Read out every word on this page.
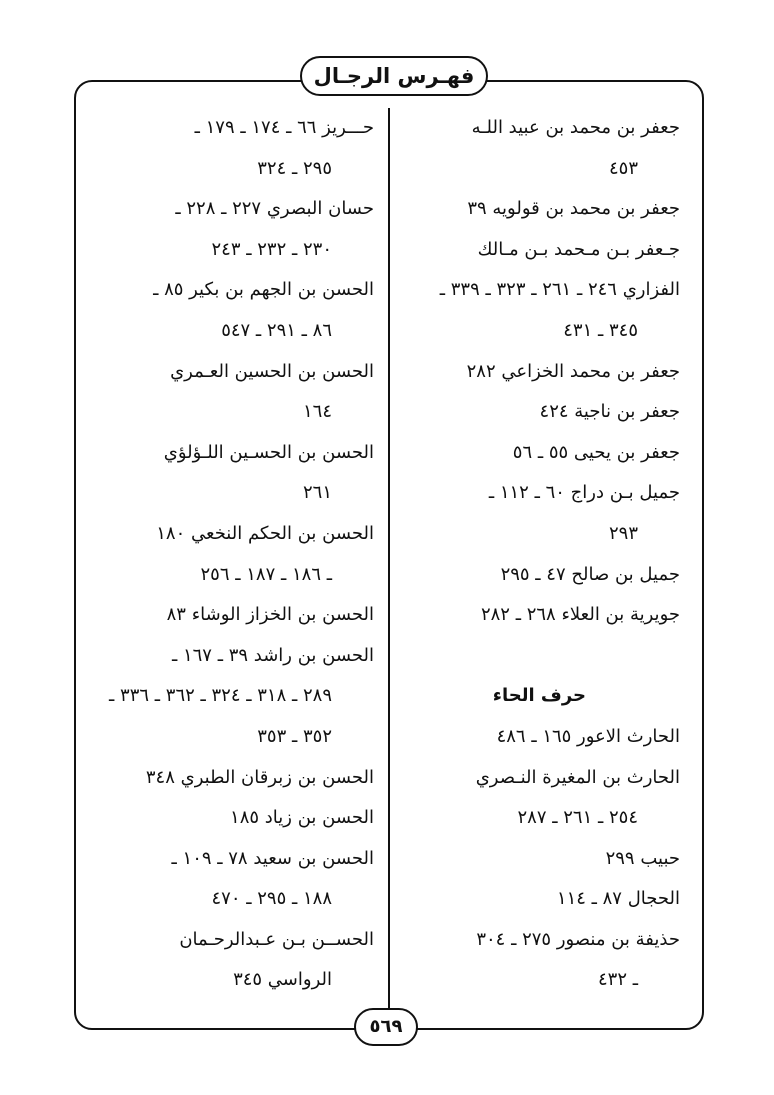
فهـرس الرجـال
جعفر بن محمد بن عبيد اللـه
٤٥٣
جعفر بن محمد بن قولويه ٣٩
جـعفر بـن مـحمد بـن مـالك
الفزاري ٢٤٦ ـ ٢٦١ ـ ٣٢٣ ـ ٣٣٩ ـ
٣٤٥ ـ ٤٣١
جعفر بن محمد الخزاعي ٢٨٢
جعفر بن ناجية ٤٢٤
جعفر بن يحيى ٥٥ ـ ٥٦
جميل بـن دراج ٦٠ ـ ١١٢ ـ
٢٩٣
جميل بن صالح ٤٧ ـ ٢٩٥
جويرية بن العلاء ٢٦٨ ـ ٢٨٢
حرف الحاء
الحارث الاعور ١٦٥ ـ ٤٨٦
الحارث بن المغيرة النـصري
٢٥٤ ـ ٢٦١ ـ ٢٨٧
حبيب ٢٩٩
الحجال ٨٧ ـ ١١٤
حذيفة بن منصور ٢٧٥ ـ ٣٠٤
ـ ٤٣٢
حـــريز ٦٦ ـ ١٧٤ ـ ١٧٩ ـ
٢٩٥ ـ ٣٢٤
حسان البصري ٢٢٧ ـ ٢٢٨ ـ
٢٣٠ ـ ٢٣٢ ـ ٢٤٣
الحسن بن الجهم بن بكير ٨٥ ـ
٨٦ ـ ٢٩١ ـ ٥٤٧
الحسن بن الحسين العـمري
١٦٤
الحسن بن الحسـين اللـؤلؤي
٢٦١
الحسن بن الحكم النخعي ١٨٠
ـ ١٨٦ ـ ١٨٧ ـ ٢٥٦
الحسن بن الخزاز الوشاء ٨٣
الحسن بن راشد ٣٩ ـ ١٦٧ ـ
٢٨٩ ـ ٣١٨ ـ ٣٢٤ ـ ٣٦٢ ـ ٣٣٦ ـ
٣٥٢ ـ ٣٥٣
الحسن بن زبرقان الطبري ٣٤٨
الحسن بن زياد ١٨٥
الحسن بن سعيد ٧٨ ـ ١٠٩ ـ
١٨٨ ـ ٢٩٥ ـ ٤٧٠
الحســن بـن عـبدالرحـمان
الرواسي ٣٤٥
٥٦٩
